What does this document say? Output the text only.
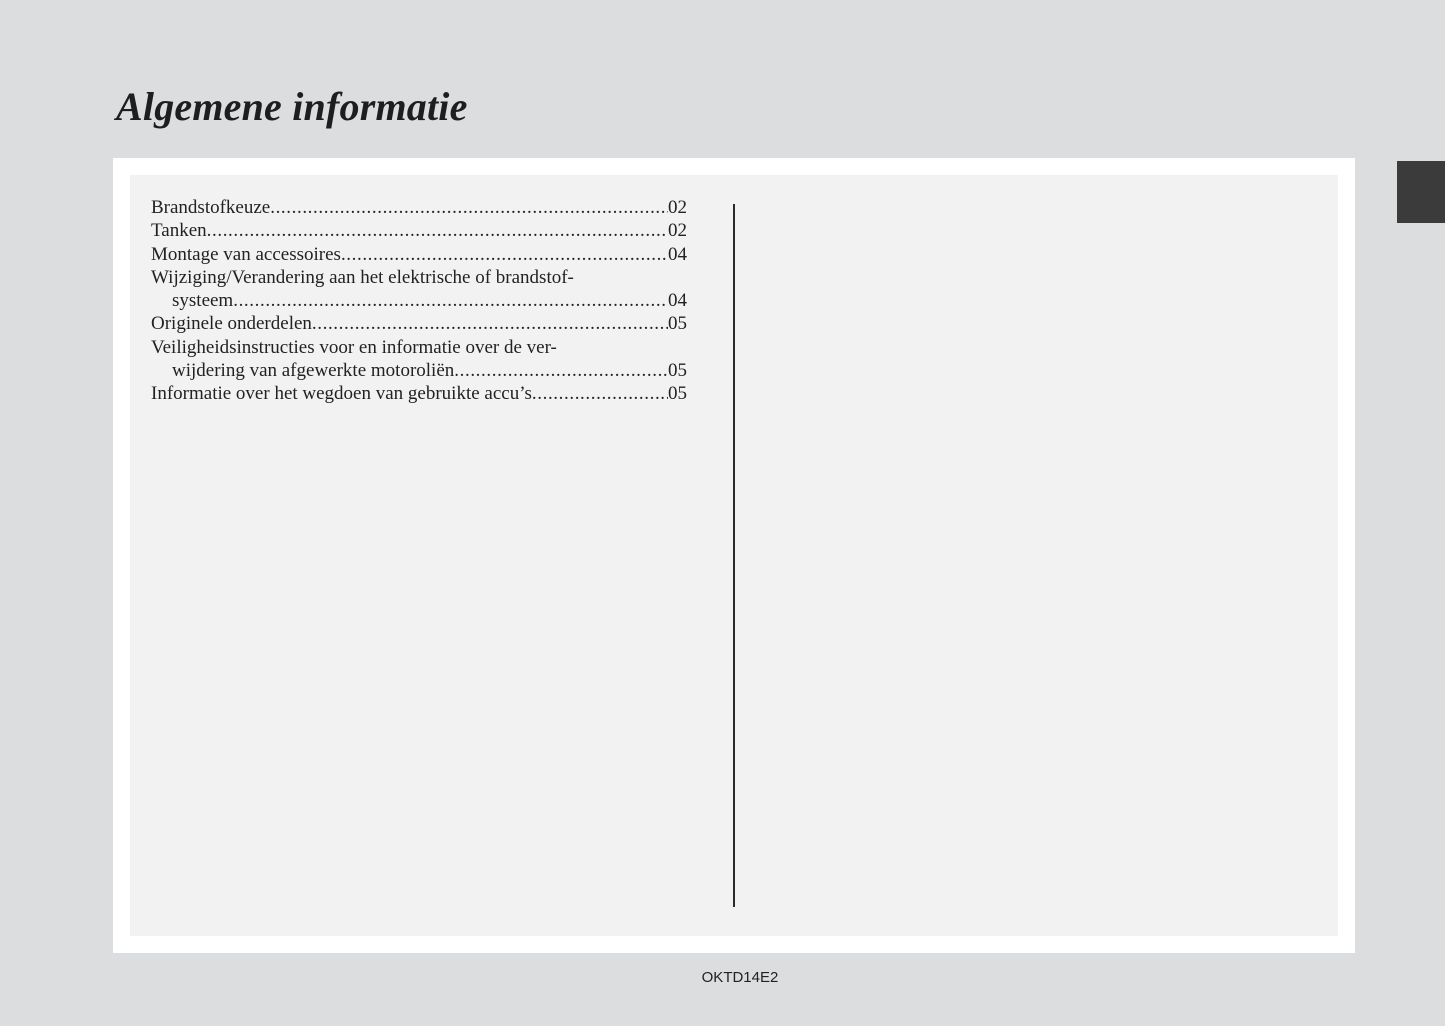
Algemene informatie
Brandstofkeuze .....	02
Tanken .....	02
Montage van accessoires .....	04
Wijziging/Verandering aan het elektrische of brandstof-
systeem .....	04
Originele onderdelen .....	05
Veiligheidsinstructies voor en informatie over de ver-
wijdering van afgewerkte motoroliën .....	05
Informatie over het wegdoen van gebruikte accu’s .....	05

OKTD14E2
